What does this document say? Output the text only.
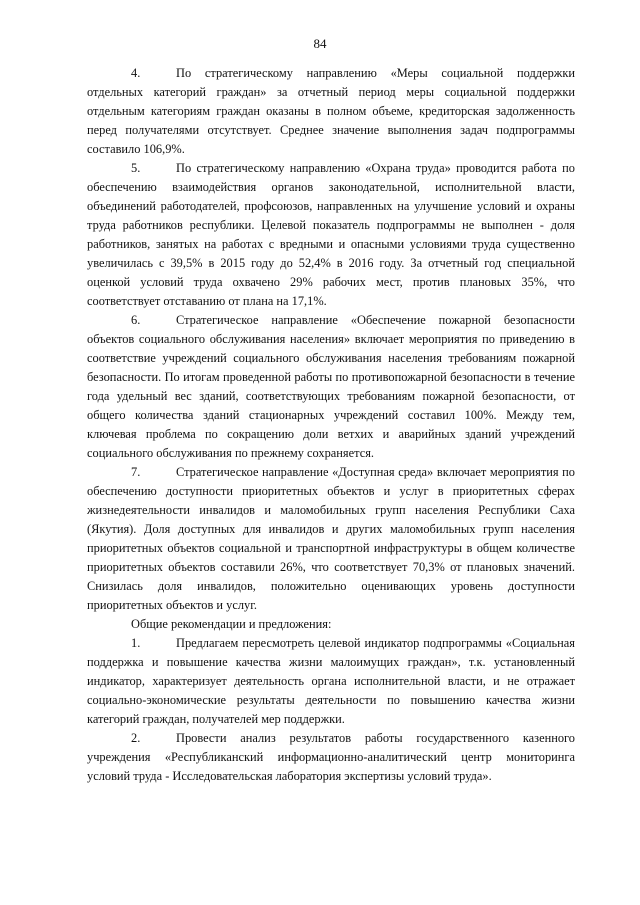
84

4.	По стратегическому направлению «Меры социальной поддержки отдельных категорий граждан» за отчетный период меры социальной поддержки отдельным категориям граждан оказаны в полном объеме, кредиторская задолженность перед получателями отсутствует. Среднее значение выполнения задач подпрограммы составило 106,9%.

5.	По стратегическому направлению «Охрана труда» проводится работа по обеспечению взаимодействия органов законодательной, исполнительной власти, объединений работодателей, профсоюзов, направленных на улучшение условий и охраны труда работников республики. Целевой показатель подпрограммы не выполнен - доля работников, занятых на работах с вредными и опасными условиями труда существенно увеличилась с 39,5% в 2015 году до 52,4% в 2016 году. За отчетный год специальной оценкой условий труда охвачено 29% рабочих мест, против плановых 35%, что соответствует отставанию от плана на 17,1%.

6.	Стратегическое направление «Обеспечение пожарной безопасности объектов социального обслуживания населения» включает мероприятия по приведению в соответствие учреждений социального обслуживания населения требованиям пожарной безопасности. По итогам проведенной работы по противопожарной безопасности в течение года удельный вес зданий, соответствующих требованиям пожарной безопасности, от общего количества зданий стационарных учреждений составил 100%. Между тем, ключевая проблема по сокращению доли ветхих и аварийных зданий учреждений социального обслуживания по прежнему сохраняется.

7.	Стратегическое направление «Доступная среда» включает мероприятия по обеспечению доступности приоритетных объектов и услуг в приоритетных сферах жизнедеятельности инвалидов и маломобильных групп населения Республики Саха (Якутия). Доля доступных для инвалидов и других маломобильных групп населения приоритетных объектов социальной и транспортной инфраструктуры в общем количестве приоритетных объектов составили 26%, что соответствует 70,3% от плановых значений. Снизилась доля инвалидов, положительно оценивающих уровень доступности приоритетных объектов и услуг.

Общие рекомендации и предложения:

1.	Предлагаем пересмотреть целевой индикатор подпрограммы «Социальная поддержка и повышение качества жизни малоимущих граждан», т.к. установленный индикатор, характеризует деятельность органа исполнительной власти, и не отражает социально-экономические результаты деятельности по повышению качества жизни категорий граждан, получателей мер поддержки.

2.	Провести анализ результатов работы государственного казенного учреждения «Республиканский информационно-аналитический центр мониторинга условий труда - Исследовательская лаборатория экспертизы условий труда».
